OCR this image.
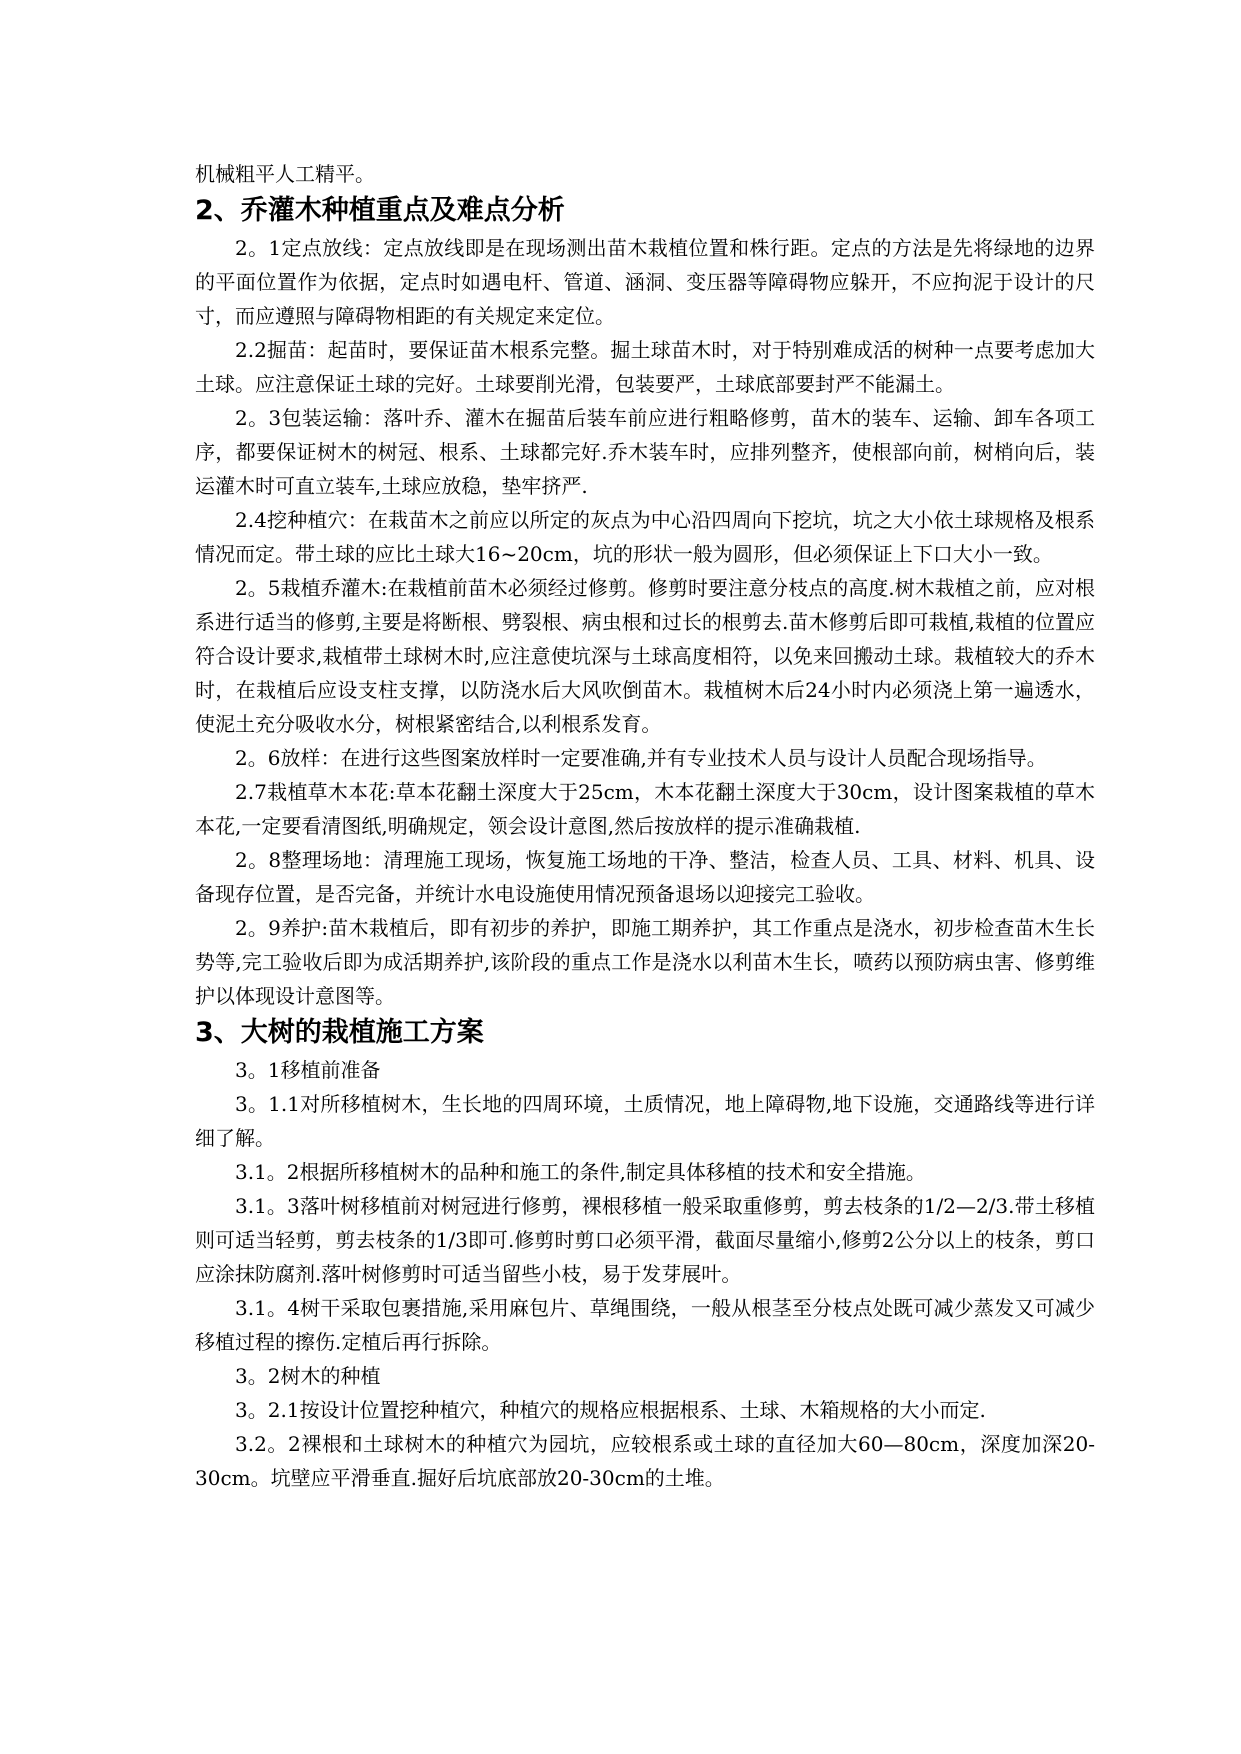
机械粗平人工精平。

2、乔灌木种植重点及难点分析

2。1定点放线：定点放线即是在现场测出苗木栽植位置和株行距。定点的方法是先将绿地的边界的平面位置作为依据，定点时如遇电杆、管道、涵洞、变压器等障碍物应躲开，不应拘泥于设计的尺寸，而应遵照与障碍物相距的有关规定来定位。

2.2掘苗：起苗时，要保证苗木根系完整。掘土球苗木时，对于特别难成活的树种一点要考虑加大土球。应注意保证土球的完好。土球要削光滑，包装要严，土球底部要封严不能漏土。

2。3包装运输：落叶乔、灌木在掘苗后装车前应进行粗略修剪，苗木的装车、运输、卸车各项工序，都要保证树木的树冠、根系、土球都完好.乔木装车时，应排列整齐，使根部向前，树梢向后，装运灌木时可直立装车,土球应放稳，垫牢挤严.

2.4挖种植穴：在栽苗木之前应以所定的灰点为中心沿四周向下挖坑，坑之大小依土球规格及根系情况而定。带土球的应比土球大16~20cm，坑的形状一般为圆形，但必须保证上下口大小一致。

2。5栽植乔灌木:在栽植前苗木必须经过修剪。修剪时要注意分枝点的高度.树木栽植之前，应对根系进行适当的修剪,主要是将断根、劈裂根、病虫根和过长的根剪去.苗木修剪后即可栽植,栽植的位置应符合设计要求,栽植带土球树木时,应注意使坑深与土球高度相符，以免来回搬动土球。栽植较大的乔木时，在栽植后应设支柱支撑，以防浇水后大风吹倒苗木。栽植树木后24小时内必须浇上第一遍透水，使泥土充分吸收水分，树根紧密结合,以利根系发育。

2。6放样：在进行这些图案放样时一定要准确,并有专业技术人员与设计人员配合现场指导。

2.7栽植草木本花:草本花翻土深度大于25cm，木本花翻土深度大于30cm，设计图案栽植的草木本花,一定要看清图纸,明确规定，领会设计意图,然后按放样的提示准确栽植.

2。8整理场地：清理施工现场，恢复施工场地的干净、整洁，检查人员、工具、材料、机具、设备现存位置，是否完备，并统计水电设施使用情况预备退场以迎接完工验收。

2。9养护:苗木栽植后，即有初步的养护，即施工期养护，其工作重点是浇水，初步检查苗木生长势等,完工验收后即为成活期养护,该阶段的重点工作是浇水以利苗木生长，喷药以预防病虫害、修剪维护以体现设计意图等。

3、大树的栽植施工方案

3。1移植前准备

3。1.1对所移植树木，生长地的四周环境，土质情况，地上障碍物,地下设施，交通路线等进行详细了解。

3.1。2根据所移植树木的品种和施工的条件,制定具体移植的技术和安全措施。

3.1。3落叶树移植前对树冠进行修剪，裸根移植一般采取重修剪，剪去枝条的1/2—2/3.带土移植则可适当轻剪，剪去枝条的1/3即可.修剪时剪口必须平滑，截面尽量缩小,修剪2公分以上的枝条，剪口应涂抹防腐剂.落叶树修剪时可适当留些小枝，易于发芽展叶。

3.1。4树干采取包裹措施,采用麻包片、草绳围绕，一般从根茎至分枝点处既可减少蒸发又可减少移植过程的擦伤.定植后再行拆除。

3。2树木的种植

3。2.1按设计位置挖种植穴，种植穴的规格应根据根系、土球、木箱规格的大小而定.

3.2。2裸根和土球树木的种植穴为园坑，应较根系或土球的直径加大60—80cm，深度加深20-30cm。坑壁应平滑垂直.掘好后坑底部放20-30cm的土堆。
